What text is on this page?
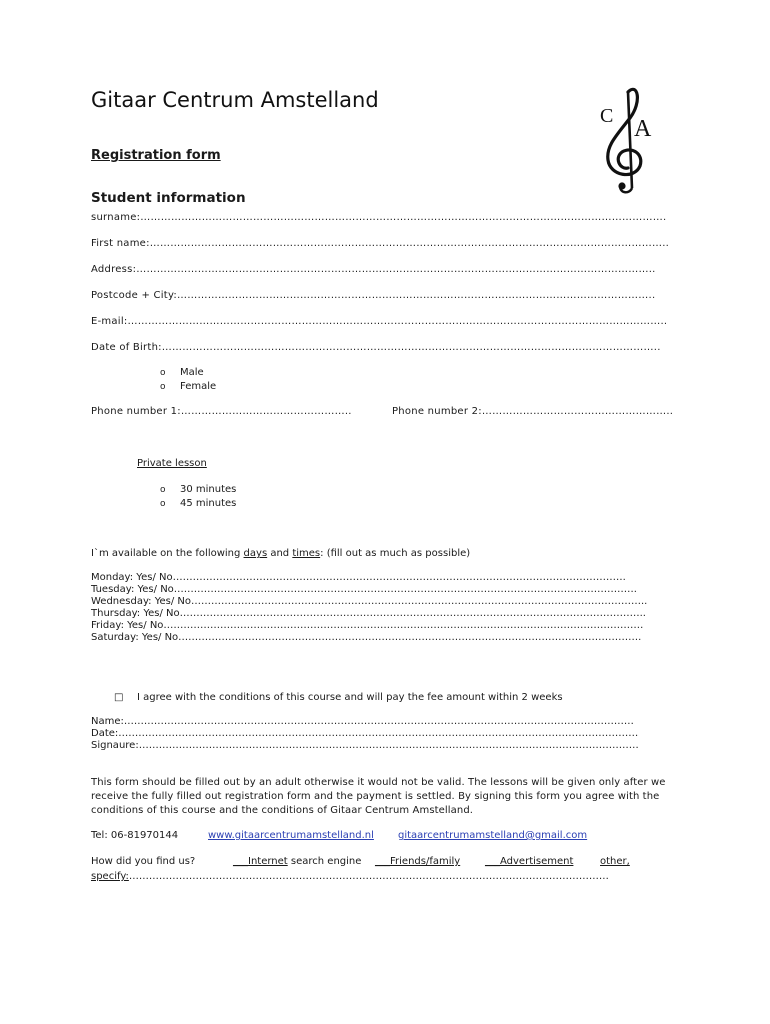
Gitaar Centrum Amstelland
Registration form
C A
Student information
surname:……………………………………………………………………………………………………………………………………….
First name:……………………………………………………………………………………………………………………………………..
Address:……………………………………………………………………………………………………………………………………..
Postcode + City:…………………………………………………………………………………………………………………………..
E-mail:…………………………………………………………………………………………………………………………………………..
Date of Birth:………………………………………………………………………………………………………………………………..
o Male
o Female
Phone number 1:…………………………………………..	Phone number 2:………………………………………………..
Private lesson
o 30 minutes
o 45 minutes
I`m available on the following days and times: (fill out as much as possible)
Monday: Yes/ No……………………………………………………………………………………………………………………….
Tuesday: Yes/ No………………………………………………………………………………………………………………………….
Wednesday: Yes/ No………………………………………………………………………………………………………………………..
Thursday: Yes/ No…………………………………………………………………………………………………………………………..
Friday: Yes/ No………………………………………………………………………………………………………………………………
Saturday: Yes/ No………………………………………………………………………………………………………………………….
□ I agree with the conditions of this course and will pay the fee amount within 2 weeks
Name:………………………………………………………………………………………………………………………………………
Date:…………………………………………………………………………………………………………………………………………
Signaure:……………………………………………………………………………………………………………………………………
This form should be filled out by an adult otherwise it would not be valid. The lessons will be given only after we receive the fully filled out registration form and the payment is settled. By signing this form you agree with the conditions of this course and the conditions of Gitaar Centrum Amstelland.
Tel: 06-81970144	www.gitaarcentrumamstelland.nl gitaarcentrumamstelland@gmail.com
How did you find us?	___Internet search engine ___Friends/family ___Advertisement	other,
specify:………………………………………………………………………………………………………………………………
